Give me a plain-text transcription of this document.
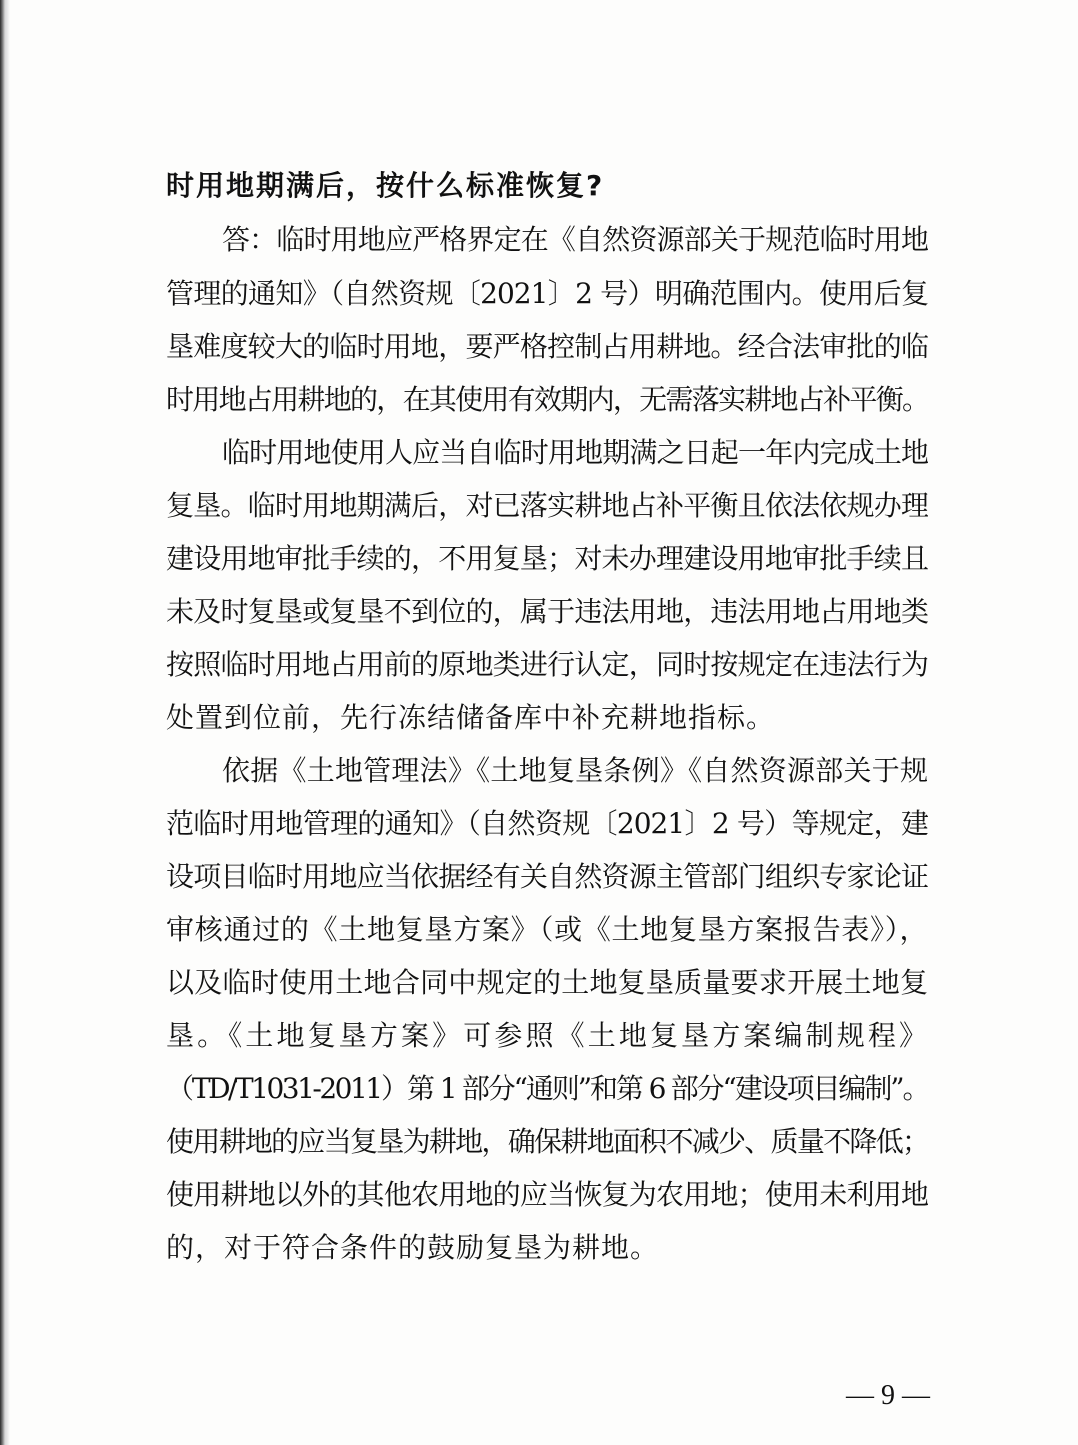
时用地期满后，按什么标准恢复?
答：临时用地应严格界定在《自然资源部关于规范临时用地
管理的通知》（自然资规〔2021〕2 号）明确范围内。使用后复
垦难度较大的临时用地，要严格控制占用耕地。经合法审批的临
时用地占用耕地的，在其使用有效期内，无需落实耕地占补平衡。
临时用地使用人应当自临时用地期满之日起一年内完成土地
复垦。临时用地期满后，对已落实耕地占补平衡且依法依规办理
建设用地审批手续的，不用复垦；对未办理建设用地审批手续且
未及时复垦或复垦不到位的，属于违法用地，违法用地占用地类
按照临时用地占用前的原地类进行认定，同时按规定在违法行为
处置到位前，先行冻结储备库中补充耕地指标。
依据《土地管理法》《土地复垦条例》《自然资源部关于规
范临时用地管理的通知》（自然资规〔2021〕2 号）等规定，建
设项目临时用地应当依据经有关自然资源主管部门组织专家论证
审核通过的《土地复垦方案》（或《土地复垦方案报告表》），
以及临时使用土地合同中规定的土地复垦质量要求开展土地复
垦。《土地复垦方案》可参照《土地复垦方案编制规程》
（TD/T1031-2011）第 1 部分“通则”和第 6 部分“建设项目编制”。
使用耕地的应当复垦为耕地，确保耕地面积不减少、质量不降低；
使用耕地以外的其他农用地的应当恢复为农用地；使用未利用地
的，对于符合条件的鼓励复垦为耕地。
— 9 —
